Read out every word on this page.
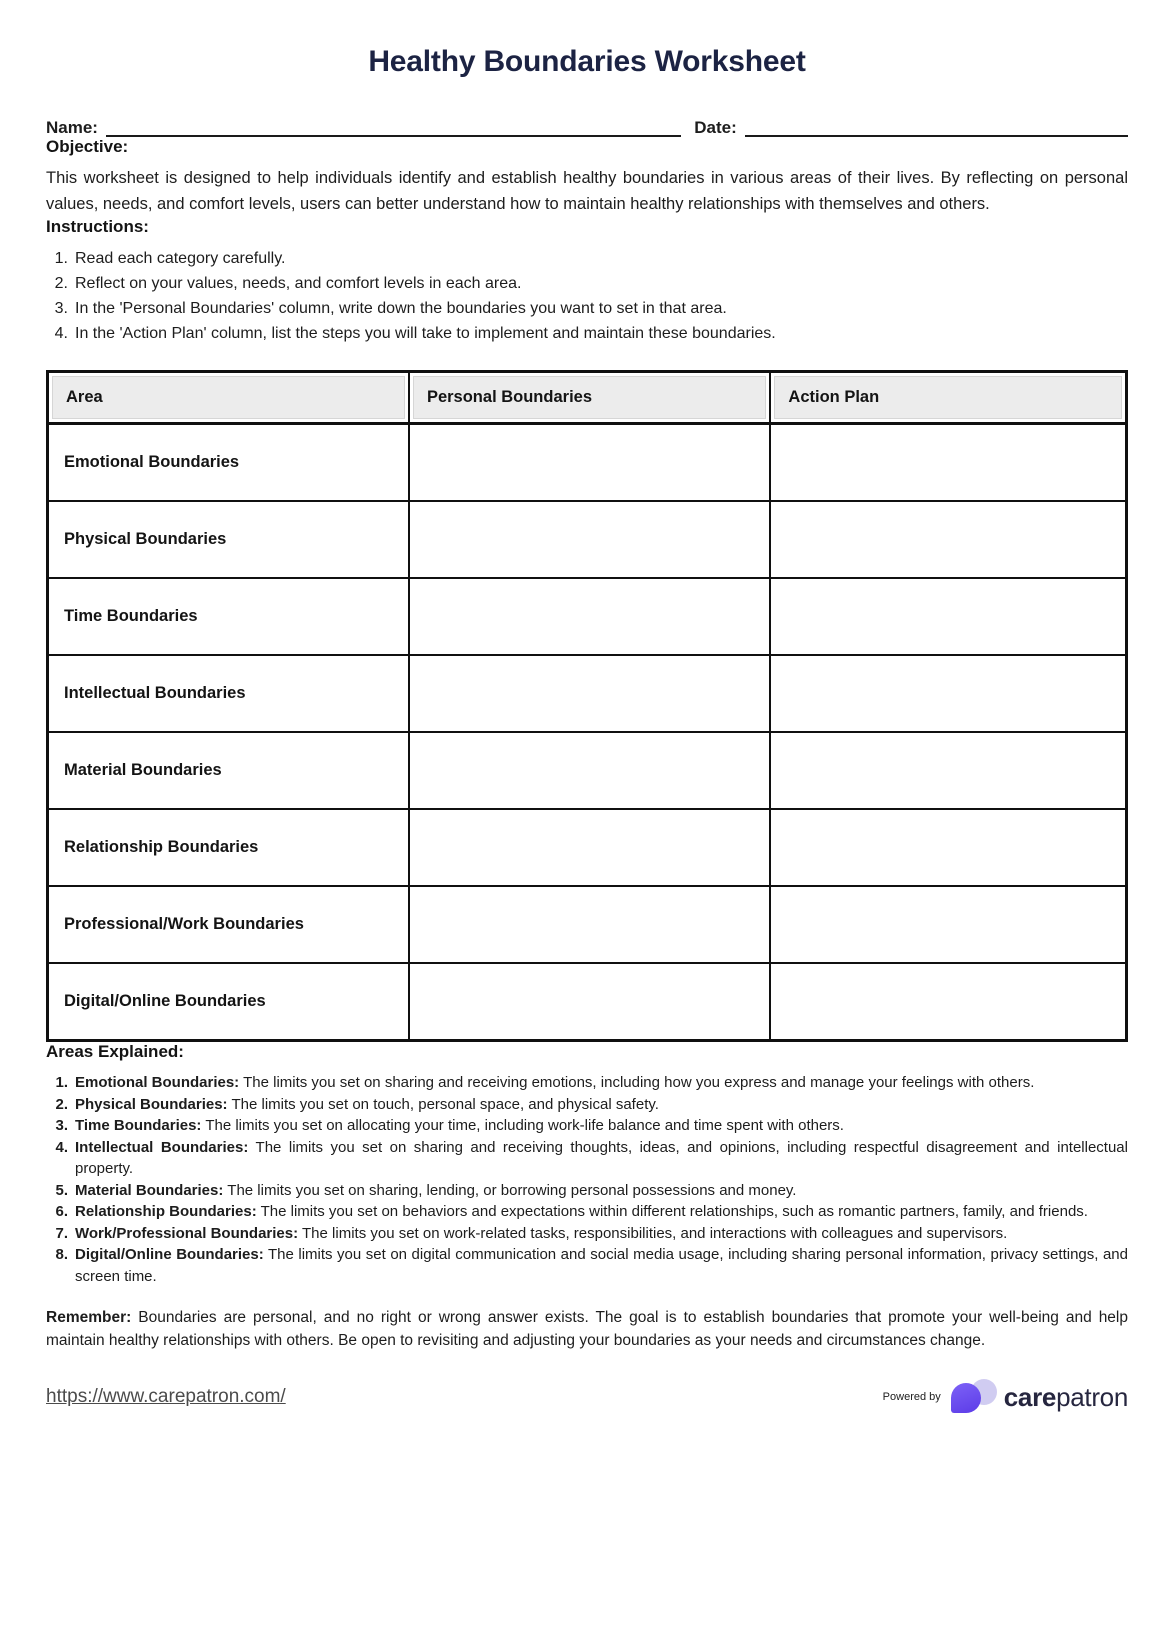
Healthy Boundaries Worksheet
Name:	Date:
Objective:

This worksheet is designed to help individuals identify and establish healthy boundaries in various areas of their lives. By reflecting on personal values, needs, and comfort levels, users can better understand how to maintain healthy relationships with themselves and others.

Instructions:
1. Read each category carefully.
2. Reflect on your values, needs, and comfort levels in each area.
3. In the 'Personal Boundaries' column, write down the boundaries you want to set in that area.
4. In the 'Action Plan' column, list the steps you will take to implement and maintain these boundaries.
Area	Personal Boundaries	Action Plan

Emotional Boundaries		
Physical Boundaries		
Time Boundaries		
Intellectual Boundaries		
Material Boundaries		
Relationship Boundaries		
Professional/Work Boundaries		
Digital/Online Boundaries		
Areas Explained:
1. Emotional Boundaries: The limits you set on sharing and receiving emotions, including how you express and manage your feelings with others.
2. Physical Boundaries: The limits you set on touch, personal space, and physical safety.
3. Time Boundaries: The limits you set on allocating your time, including work-life balance and time spent with others.
4. Intellectual Boundaries: The limits you set on sharing and receiving thoughts, ideas, and opinions, including respectful disagreement and intellectual property.
5. Material Boundaries: The limits you set on sharing, lending, or borrowing personal possessions and money.
6. Relationship Boundaries: The limits you set on behaviors and expectations within different relationships, such as romantic partners, family, and friends.
7. Work/Professional Boundaries: The limits you set on work-related tasks, responsibilities, and interactions with colleagues and supervisors.
8. Digital/Online Boundaries: The limits you set on digital communication and social media usage, including sharing personal information, privacy settings, and screen time.

Remember: Boundaries are personal, and no right or wrong answer exists. The goal is to establish boundaries that promote your well-being and help maintain healthy relationships with others. Be open to revisiting and adjusting your boundaries as your needs and circumstances change.

https://www.carepatron.com/	Powered by carepatron
